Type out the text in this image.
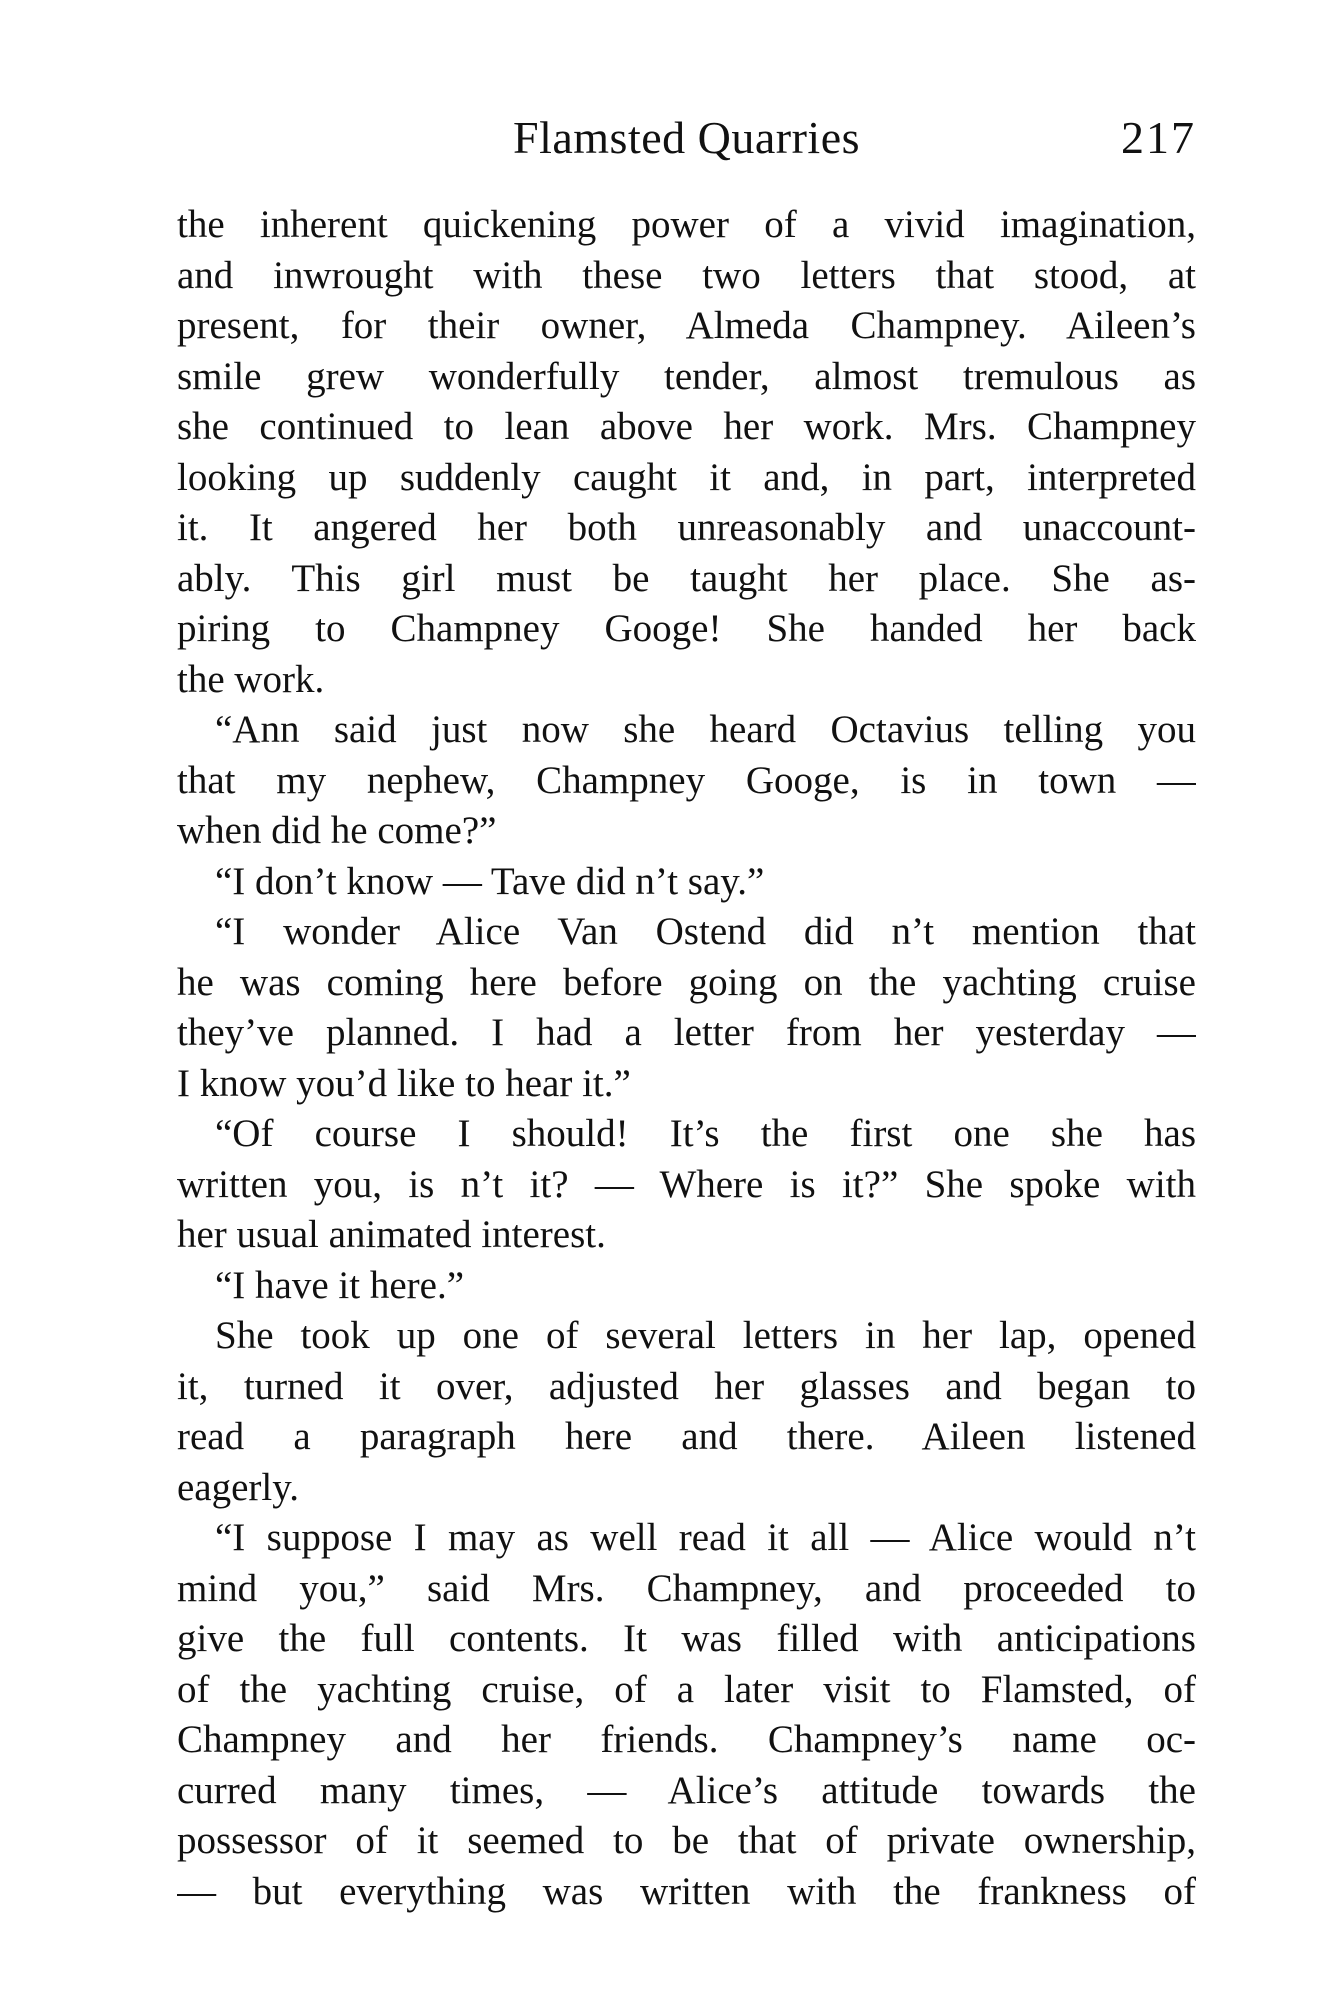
Flamsted Quarries	217
the inherent quickening power of a vivid imagination,
and inwrought with these two letters that stood, at
present, for their owner, Almeda Champney. Aileen’s
smile grew wonderfully tender, almost tremulous as
she continued to lean above her work. Mrs. Champney
looking up suddenly caught it and, in part, interpreted
it. It angered her both unreasonably and unaccount-
ably. This girl must be taught her place. She as-
piring to Champney Googe! She handed her back
the work.
“Ann said just now she heard Octavius telling you
that my nephew, Champney Googe, is in town —
when did he come?”
“I don’t know — Tave did n’t say.”
“I wonder Alice Van Ostend did n’t mention that
he was coming here before going on the yachting cruise
they’ve planned. I had a letter from her yesterday —
I know you’d like to hear it.”
“Of course I should! It’s the first one she has
written you, is n’t it? — Where is it?” She spoke with
her usual animated interest.
“I have it here.”
She took up one of several letters in her lap, opened
it, turned it over, adjusted her glasses and began to
read a paragraph here and there. Aileen listened
eagerly.
“I suppose I may as well read it all — Alice would n’t
mind you,” said Mrs. Champney, and proceeded to
give the full contents. It was filled with anticipations
of the yachting cruise, of a later visit to Flamsted, of
Champney and her friends. Champney’s name oc-
curred many times, — Alice’s attitude towards the
possessor of it seemed to be that of private ownership,
— but everything was written with the frankness of
